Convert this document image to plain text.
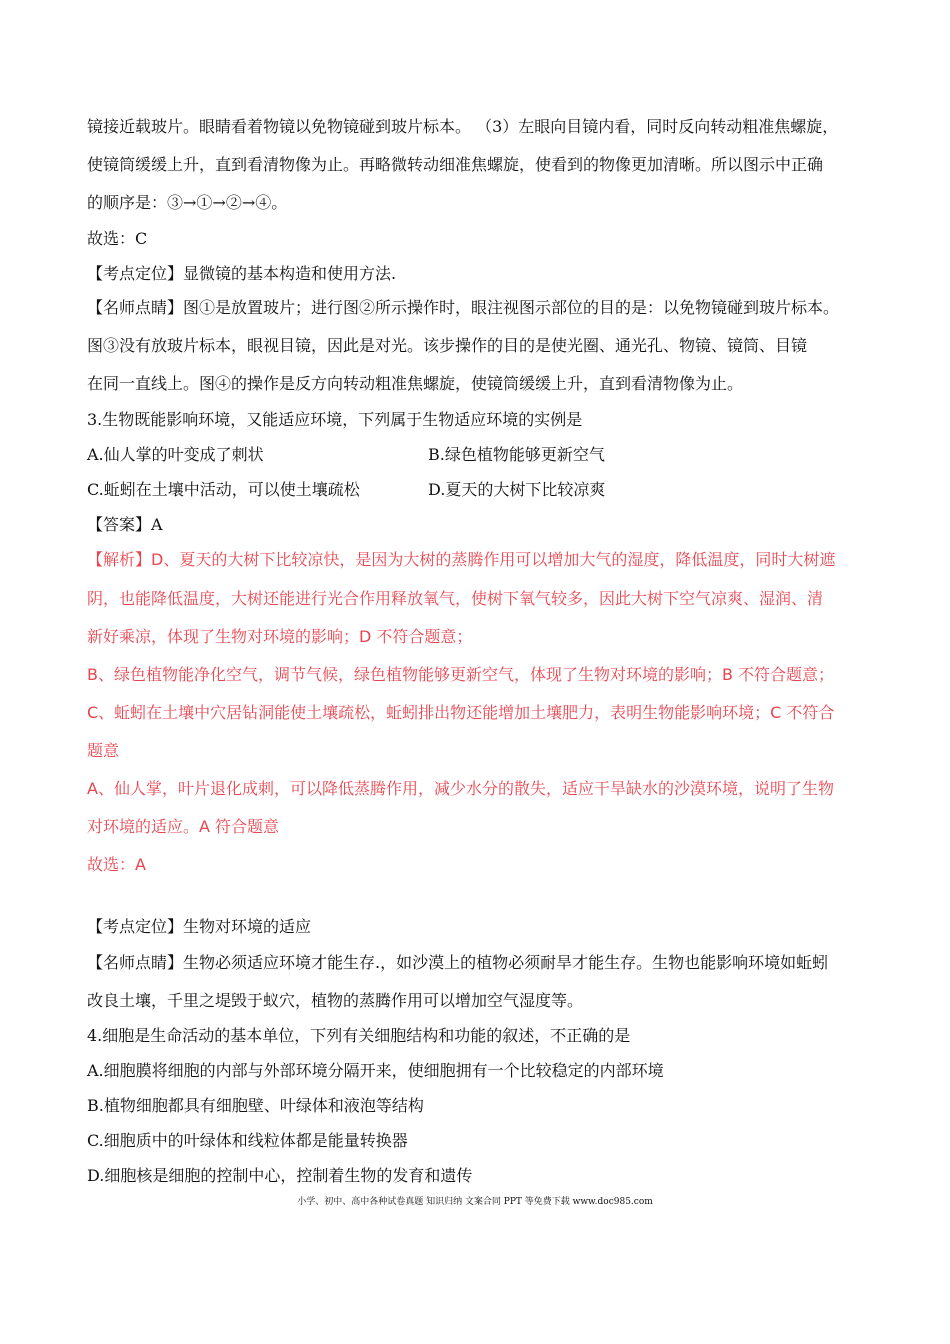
镜接近载玻片。眼睛看着物镜以免物镜碰到玻片标本。 （3）左眼向目镜内看，同时反向转动粗准焦螺旋，
使镜筒缓缓上升，直到看清物像为止。再略微转动细准焦螺旋，使看到的物像更加清晰。所以图示中正确
的顺序是：③→①→②→④。
故选：C
【考点定位】显微镜的基本构造和使用方法.
【名师点睛】图①是放置玻片；进行图②所示操作时，眼注视图示部位的目的是：以免物镜碰到玻片标本。
图③没有放玻片标本，眼视目镜，因此是对光。该步操作的目的是使光圈、通光孔、物镜、镜筒、目镜
在同一直线上。图④的操作是反方向转动粗准焦螺旋，使镜筒缓缓上升，直到看清物像为止。
3.生物既能影响环境，又能适应环境，下列属于生物适应环境的实例是
A.仙人掌的叶变成了刺状	B.绿色植物能够更新空气
C.蚯蚓在土壤中活动，可以使土壤疏松	D.夏天的大树下比较凉爽
【答案】A
【解析】D、夏天的大树下比较凉快，是因为大树的蒸腾作用可以增加大气的湿度，降低温度，同时大树遮
阴，也能降低温度，大树还能进行光合作用释放氧气，使树下氧气较多，因此大树下空气凉爽、湿润、清
新好乘凉，体现了生物对环境的影响；D 不符合题意；
B、绿色植物能净化空气，调节气候，绿色植物能够更新空气，体现了生物对环境的影响；B 不符合题意；
C、蚯蚓在土壤中穴居钻洞能使土壤疏松，蚯蚓排出物还能增加土壤肥力，表明生物能影响环境；C 不符合
题意
A、仙人掌，叶片退化成刺，可以降低蒸腾作用，减少水分的散失，适应干旱缺水的沙漠环境，说明了生物
对环境的适应。A 符合题意
故选：A
【考点定位】生物对环境的适应
【名师点睛】生物必须适应环境才能生存.，如沙漠上的植物必须耐旱才能生存。生物也能影响环境如蚯蚓
改良土壤，千里之堤毁于蚁穴，植物的蒸腾作用可以增加空气湿度等。
4.细胞是生命活动的基本单位，下列有关细胞结构和功能的叙述，不正确的是
A.细胞膜将细胞的内部与外部环境分隔开来，使细胞拥有一个比较稳定的内部环境
B.植物细胞都具有细胞壁、叶绿体和液泡等结构
C.细胞质中的叶绿体和线粒体都是能量转换器
D.细胞核是细胞的控制中心，控制着生物的发育和遗传
小学、初中、高中各种试卷真题 知识归纳 文案合同 PPT 等免费下载 www.doc985.com
